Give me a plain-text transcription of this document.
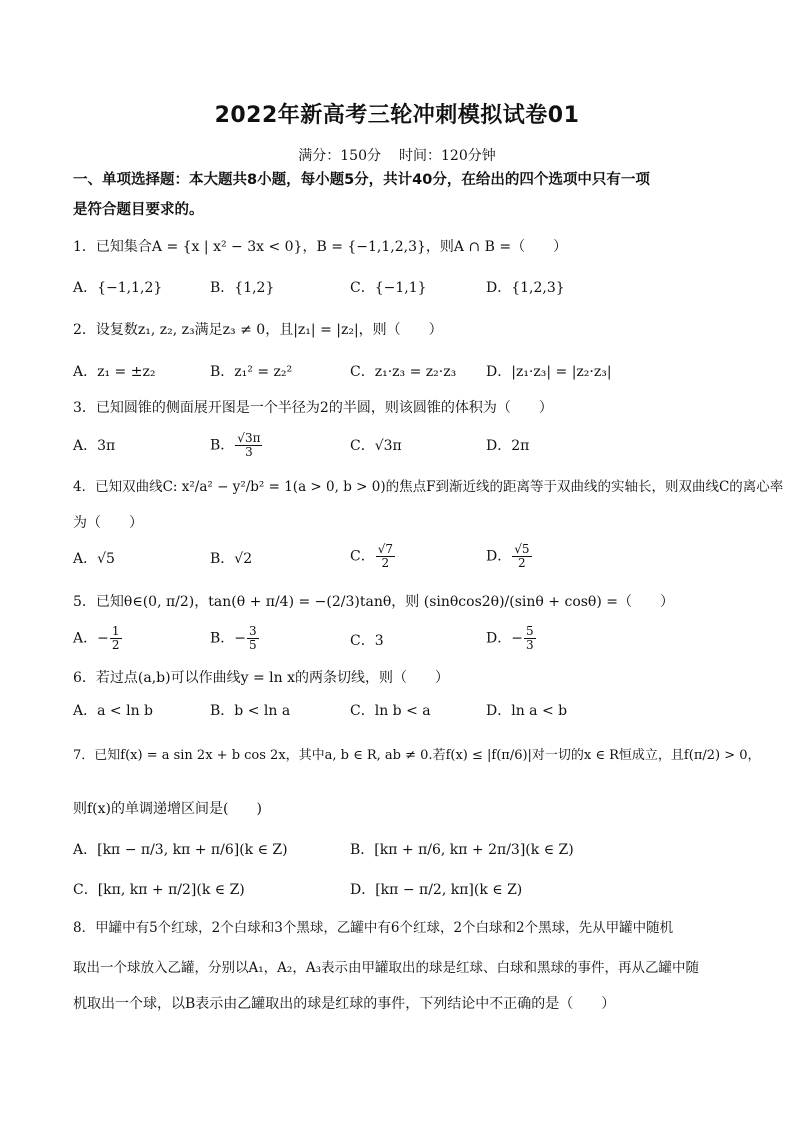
2022年新高考三轮冲刺模拟试卷01
满分：150分 时间：120分钟
一、单项选择题：本大题共8小题，每小题5分，共计40分，在给出的四个选项中只有一项
是符合题目要求的。
1．已知集合A = {x | x² − 3x < 0}，B = {−1,1,2,3}，则A ∩ B =（　　）
A．{−1,1,2}	B．{1,2}	C．{−1,1}	D．{1,2,3}
2．设复数z₁, z₂, z₃满足z₃ ≠ 0，且|z₁| = |z₂|，则（　　）
A．z₁ = ±z₂	B．z₁² = z₂²	C．z₁·z₃ = z₂·z₃ D．|z₁·z₃| = |z₂·z₃|
3．已知圆锥的侧面展开图是一个半径为2的半圆，则该圆锥的体积为（　　）
A．3π	B． $\frac{√3\pi}{3}$	C．√3π	D．2π
4．已知双曲线C: x²/a² − y²/b² = 1(a > 0, b > 0)的焦点F到渐近线的距离等于双曲线的实轴长，则双曲线C的离心率
为（　　）
A．√5	B．√2	C． $\frac{√7}{2}$	D． $\frac{√5}{2}$
5．已知θ∈(0, π/2)，tan(θ + π/4) = −(2/3)tanθ，则 (sinθcos2θ)/(sinθ + cosθ) =（　　）
A．− $\frac{1}{2}$	B．− $\frac{3}{5}$	C．3	D．− $\frac{5}{3}$
6．若过点(a,b)可以作曲线y = ln x的两条切线，则（　　）
A．a < ln b	B．b < ln a	C．ln b < a	D．ln a < b
7．已知f(x) = a sin 2x + b cos 2x，其中a, b ∈ R, ab ≠ 0.若f(x) ≤ |f(π/6)|对一切的x ∈ R恒成立，且f(π/2) > 0，
则f(x)的单调递增区间是(　　)
A．[kπ − π/3, kπ + π/6](k ∈ Z)	B．[kπ + π/6, kπ + 2π/3](k ∈ Z)
C．[kπ, kπ + π/2](k ∈ Z)	D．[kπ − π/2, kπ](k ∈ Z)
8．甲罐中有5个红球，2个白球和3个黑球，乙罐中有6个红球，2个白球和2个黑球，先从甲罐中随机
取出一个球放入乙罐，分别以A₁，A₂，A₃表示由甲罐取出的球是红球、白球和黑球的事件，再从乙罐中随
机取出一个球，以B表示由乙罐取出的球是红球的事件，下列结论中不正确的是（　　）
